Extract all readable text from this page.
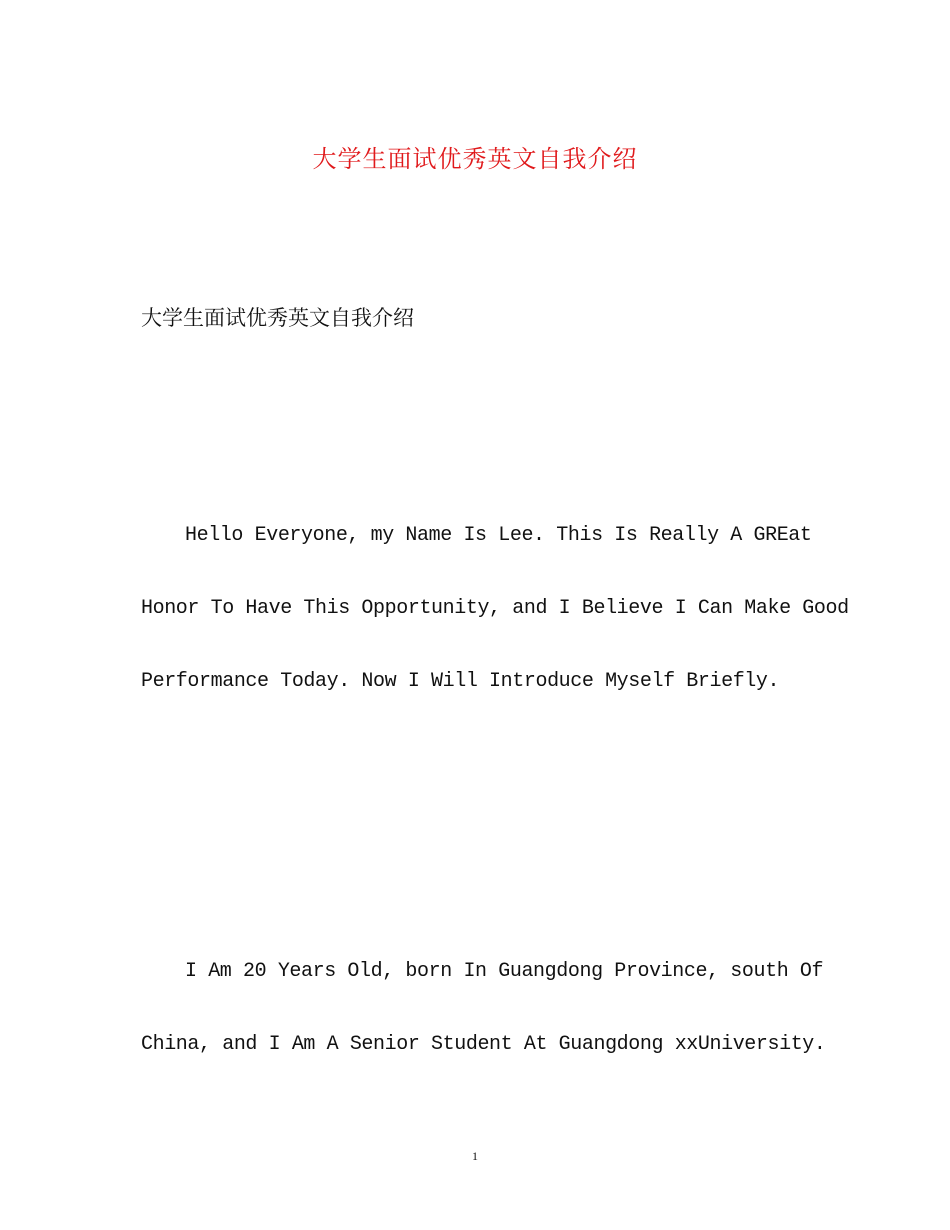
大学生面试优秀英文自我介绍
大学生面试优秀英文自我介绍
Hello Everyone, my Name Is Lee. This Is Really A GREat
Honor To Have This Opportunity, and I Believe I Can Make Good
Performance Today. Now I Will Introduce Myself Briefly.
I Am 20 Years Old, born In Guangdong Province, south Of
China, and I Am A Senior Student At Guangdong xxUniversity.
1
